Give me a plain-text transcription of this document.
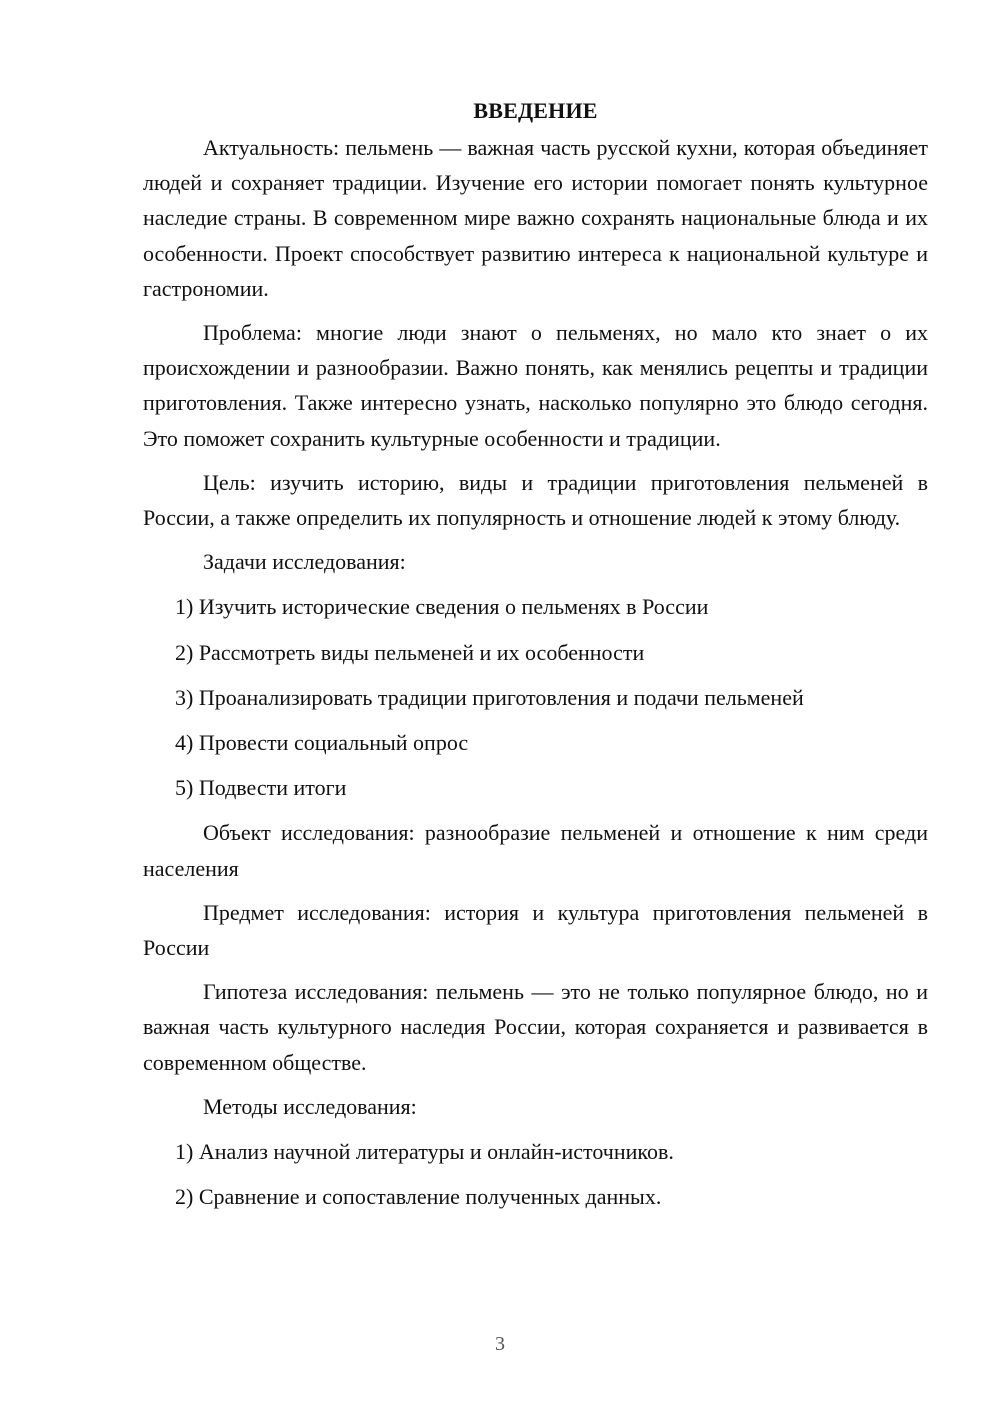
ВВЕДЕНИЕ

Актуальность: пельмень — важная часть русской кухни, которая объединяет людей и сохраняет традиции. Изучение его истории помогает понять культурное наследие страны. В современном мире важно сохранять национальные блюда и их особенности. Проект способствует развитию интереса к национальной культуре и гастрономии.

Проблема: многие люди знают о пельменях, но мало кто знает о их происхождении и разнообразии. Важно понять, как менялись рецепты и традиции приготовления. Также интересно узнать, насколько популярно это блюдо сегодня. Это поможет сохранить культурные особенности и традиции.

Цель: изучить историю, виды и традиции приготовления пельменей в России, а также определить их популярность и отношение людей к этому блюду.

Задачи исследования:
1) Изучить исторические сведения о пельменях в России
2) Рассмотреть виды пельменей и их особенности
3) Проанализировать традиции приготовления и подачи пельменей
4) Провести социальный опрос
5) Подвести итоги

Объект исследования: разнообразие пельменей и отношение к ним среди населения

Предмет исследования: история и культура приготовления пельменей в России

Гипотеза исследования: пельмень — это не только популярное блюдо, но и важная часть культурного наследия России, которая сохраняется и развивается в современном обществе.

Методы исследования:
1) Анализ научной литературы и онлайн-источников.
2) Сравнение и сопоставление полученных данных.
3
